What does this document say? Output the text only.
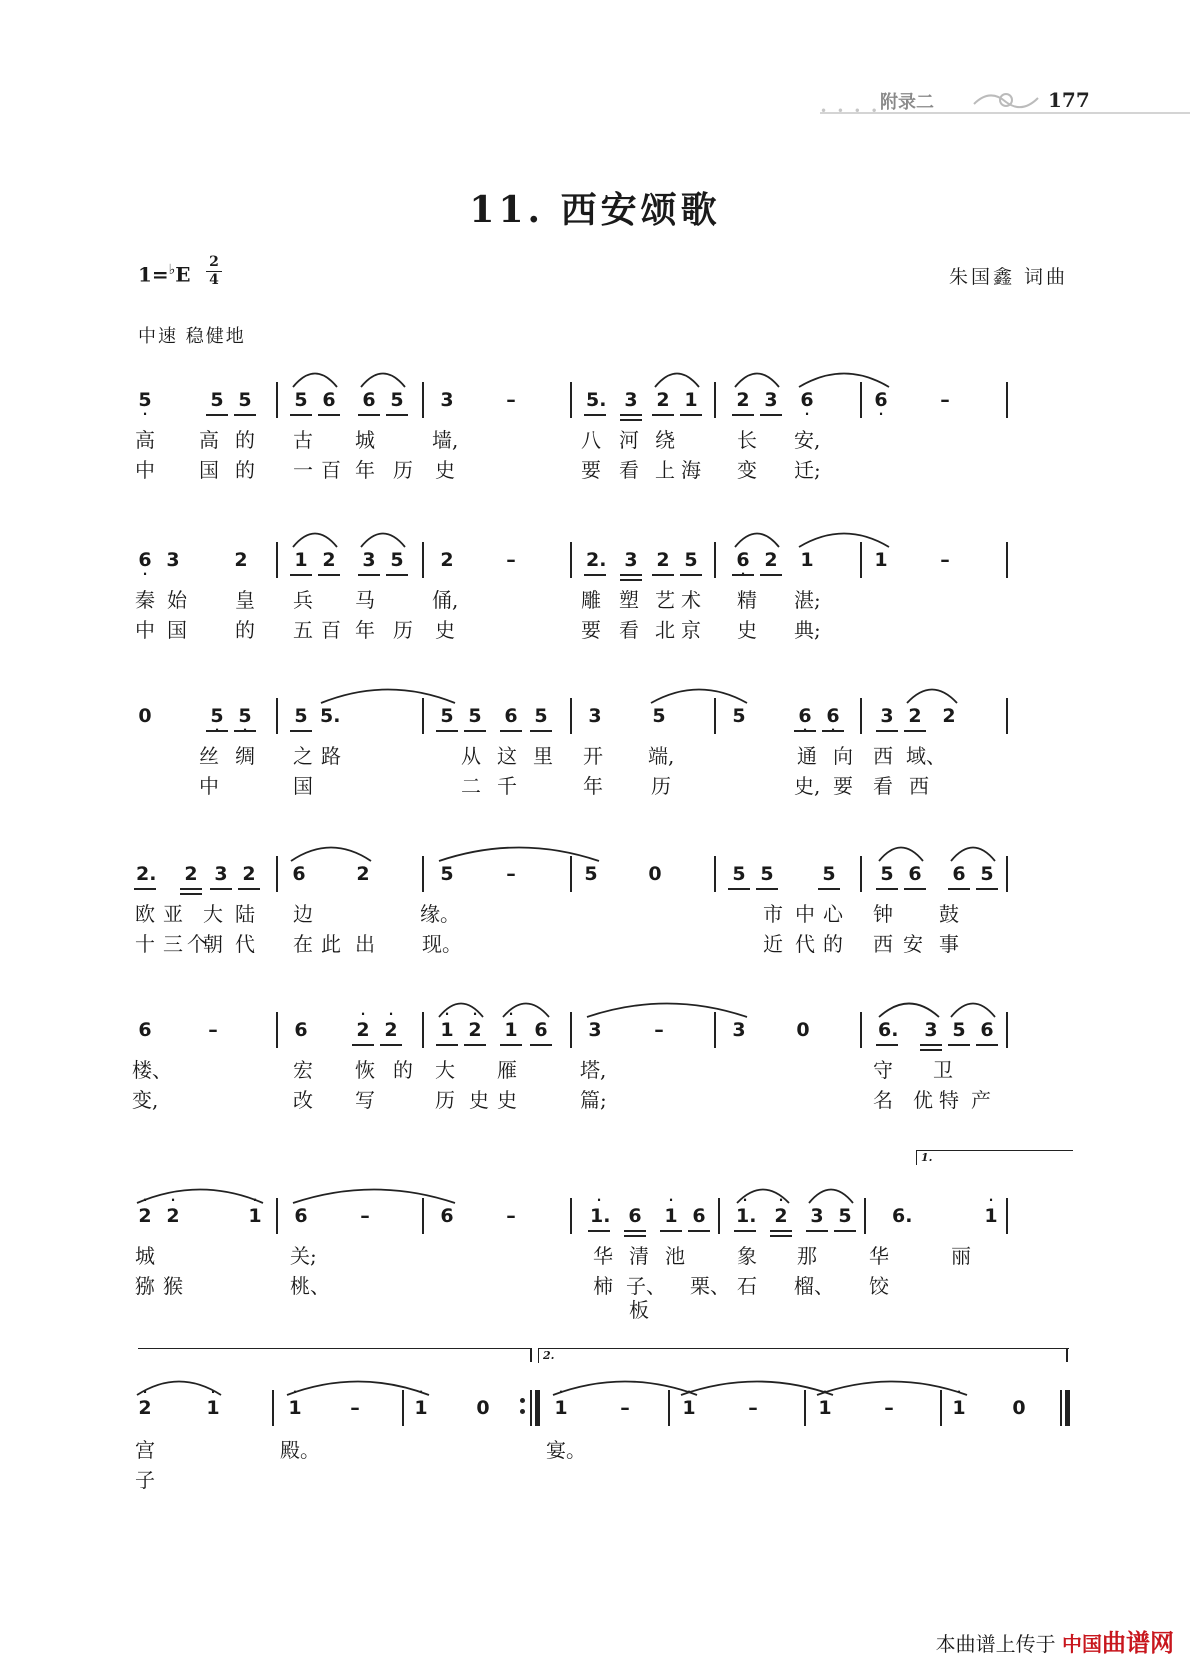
• • • • 附录二	177
11. 西安颂歌
1=♭E
2
4	朱国鑫 词曲
中速 稳健地
5
·
5 5 5 6 6 5 3	–	5. 3 2 1 2 3 6
·
6
·
–
高 高 的 古 城	墙,	八 河 绕	长 安,
中 国 的 一 百 年 历 史	要 看 上 海 变 迁;
6
·
3	2 1 2 3 5 2	–	2. 3 2 5 6
·
2 1	1	–
秦 始 皇 兵 马	俑,	雕 塑 艺 术 精 湛;
中 国 的 五 百 年 历 史	要 看 北 京 史 典;
0	5
·
5
·
5 5.	5 5 6 5 3	5	5	6
·
6
·
3 2 2
丝 绸 之 路	从 这 里 开 端,	通 向 西 域、
中	国	二 千	年 历	史, 要 看 西
2. 2 3 2 6	2	5	–	5	0	5 5	5 5 6 6 5
欧 亚 大 陆 边	缘。	市 中 心 钟 鼓
十 三 个
朝 代 在 此 出 现。	近 代 的 西 安 事
6	–	6	2
·
2
·
1
·
2
·
1
·
6 3	–	3	0	6. 3 5 6
楼、	宏 恢 的 大 雁	塔,	守 卫
变,	改 写	历 史 史	篇;	名 优 特 产
1.
2
·
2
·
1
·
6	–	6	–	1.
·
6 1
·
6 1.
·
2
·
3 5 6.	1
·
城	关;	华 清 池	象 那	华	丽
猕 猴	桃、	柿 子、板
栗、 石 榴、 饺
2.
2
·
1
·
1
·
–	1
·
0	1
·
–	1
·
–	1
·
–	1
·
0
宫	殿。	宴。
子
本曲谱上传于 中国曲谱网
